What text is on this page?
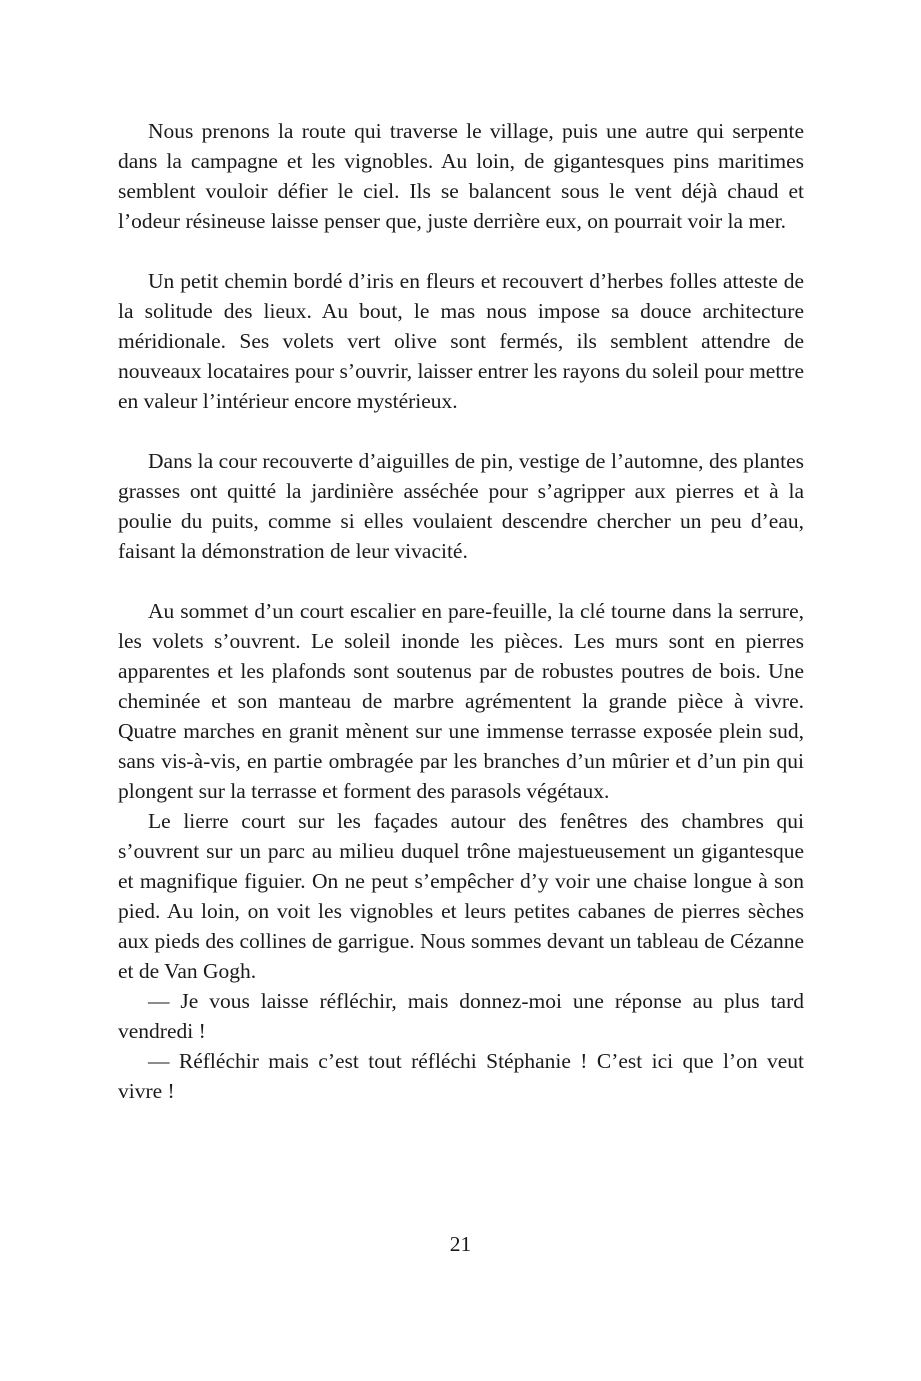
Nous prenons la route qui traverse le village, puis une autre qui serpente dans la campagne et les vignobles. Au loin, de gigantesques pins maritimes semblent vouloir défier le ciel. Ils se balancent sous le vent déjà chaud et l’odeur résineuse laisse penser que, juste derrière eux, on pourrait voir la mer.

Un petit chemin bordé d’iris en fleurs et recouvert d’herbes folles atteste de la solitude des lieux. Au bout, le mas nous impose sa douce architecture méridionale. Ses volets vert olive sont fermés, ils semblent attendre de nouveaux locataires pour s’ouvrir, laisser entrer les rayons du soleil pour mettre en valeur l’intérieur encore mystérieux.

Dans la cour recouverte d’aiguilles de pin, vestige de l’automne, des plantes grasses ont quitté la jardinière asséchée pour s’agripper aux pierres et à la poulie du puits, comme si elles voulaient descendre chercher un peu d’eau, faisant la démonstration de leur vivacité.

Au sommet d’un court escalier en pare-feuille, la clé tourne dans la serrure, les volets s’ouvrent. Le soleil inonde les pièces. Les murs sont en pierres apparentes et les plafonds sont soutenus par de robustes poutres de bois. Une cheminée et son manteau de marbre agrémentent la grande pièce à vivre. Quatre marches en granit mènent sur une immense terrasse exposée plein sud, sans vis-à-vis, en partie ombragée par les branches d’un mûrier et d’un pin qui plongent sur la terrasse et forment des parasols végétaux.

Le lierre court sur les façades autour des fenêtres des chambres qui s’ouvrent sur un parc au milieu duquel trône majestueusement un gigantesque et magnifique figuier. On ne peut s’empêcher d’y voir une chaise longue à son pied. Au loin, on voit les vignobles et leurs petites cabanes de pierres sèches aux pieds des collines de garrigue. Nous sommes devant un tableau de Cézanne et de Van Gogh.

— Je vous laisse réfléchir, mais donnez-moi une réponse au plus tard vendredi !

— Réfléchir mais c’est tout réfléchi Stéphanie ! C’est ici que l’on veut vivre !

21
